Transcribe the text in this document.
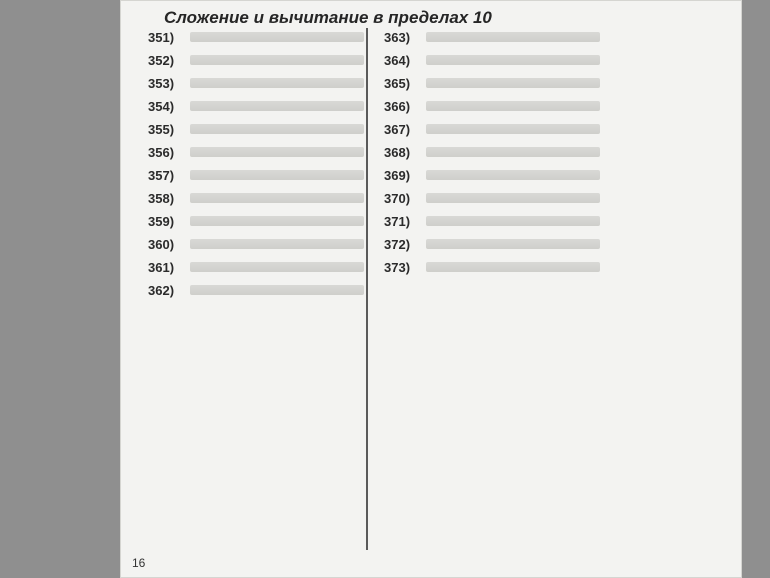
Сложение и вычитание в пределах 10
351)
352)
353)
354)
355)
356)
357)
358)
359)
360)
361)
362)
363)
364)
365)
366)
367)
368)
369)
370)
371)
372)
373)
16
